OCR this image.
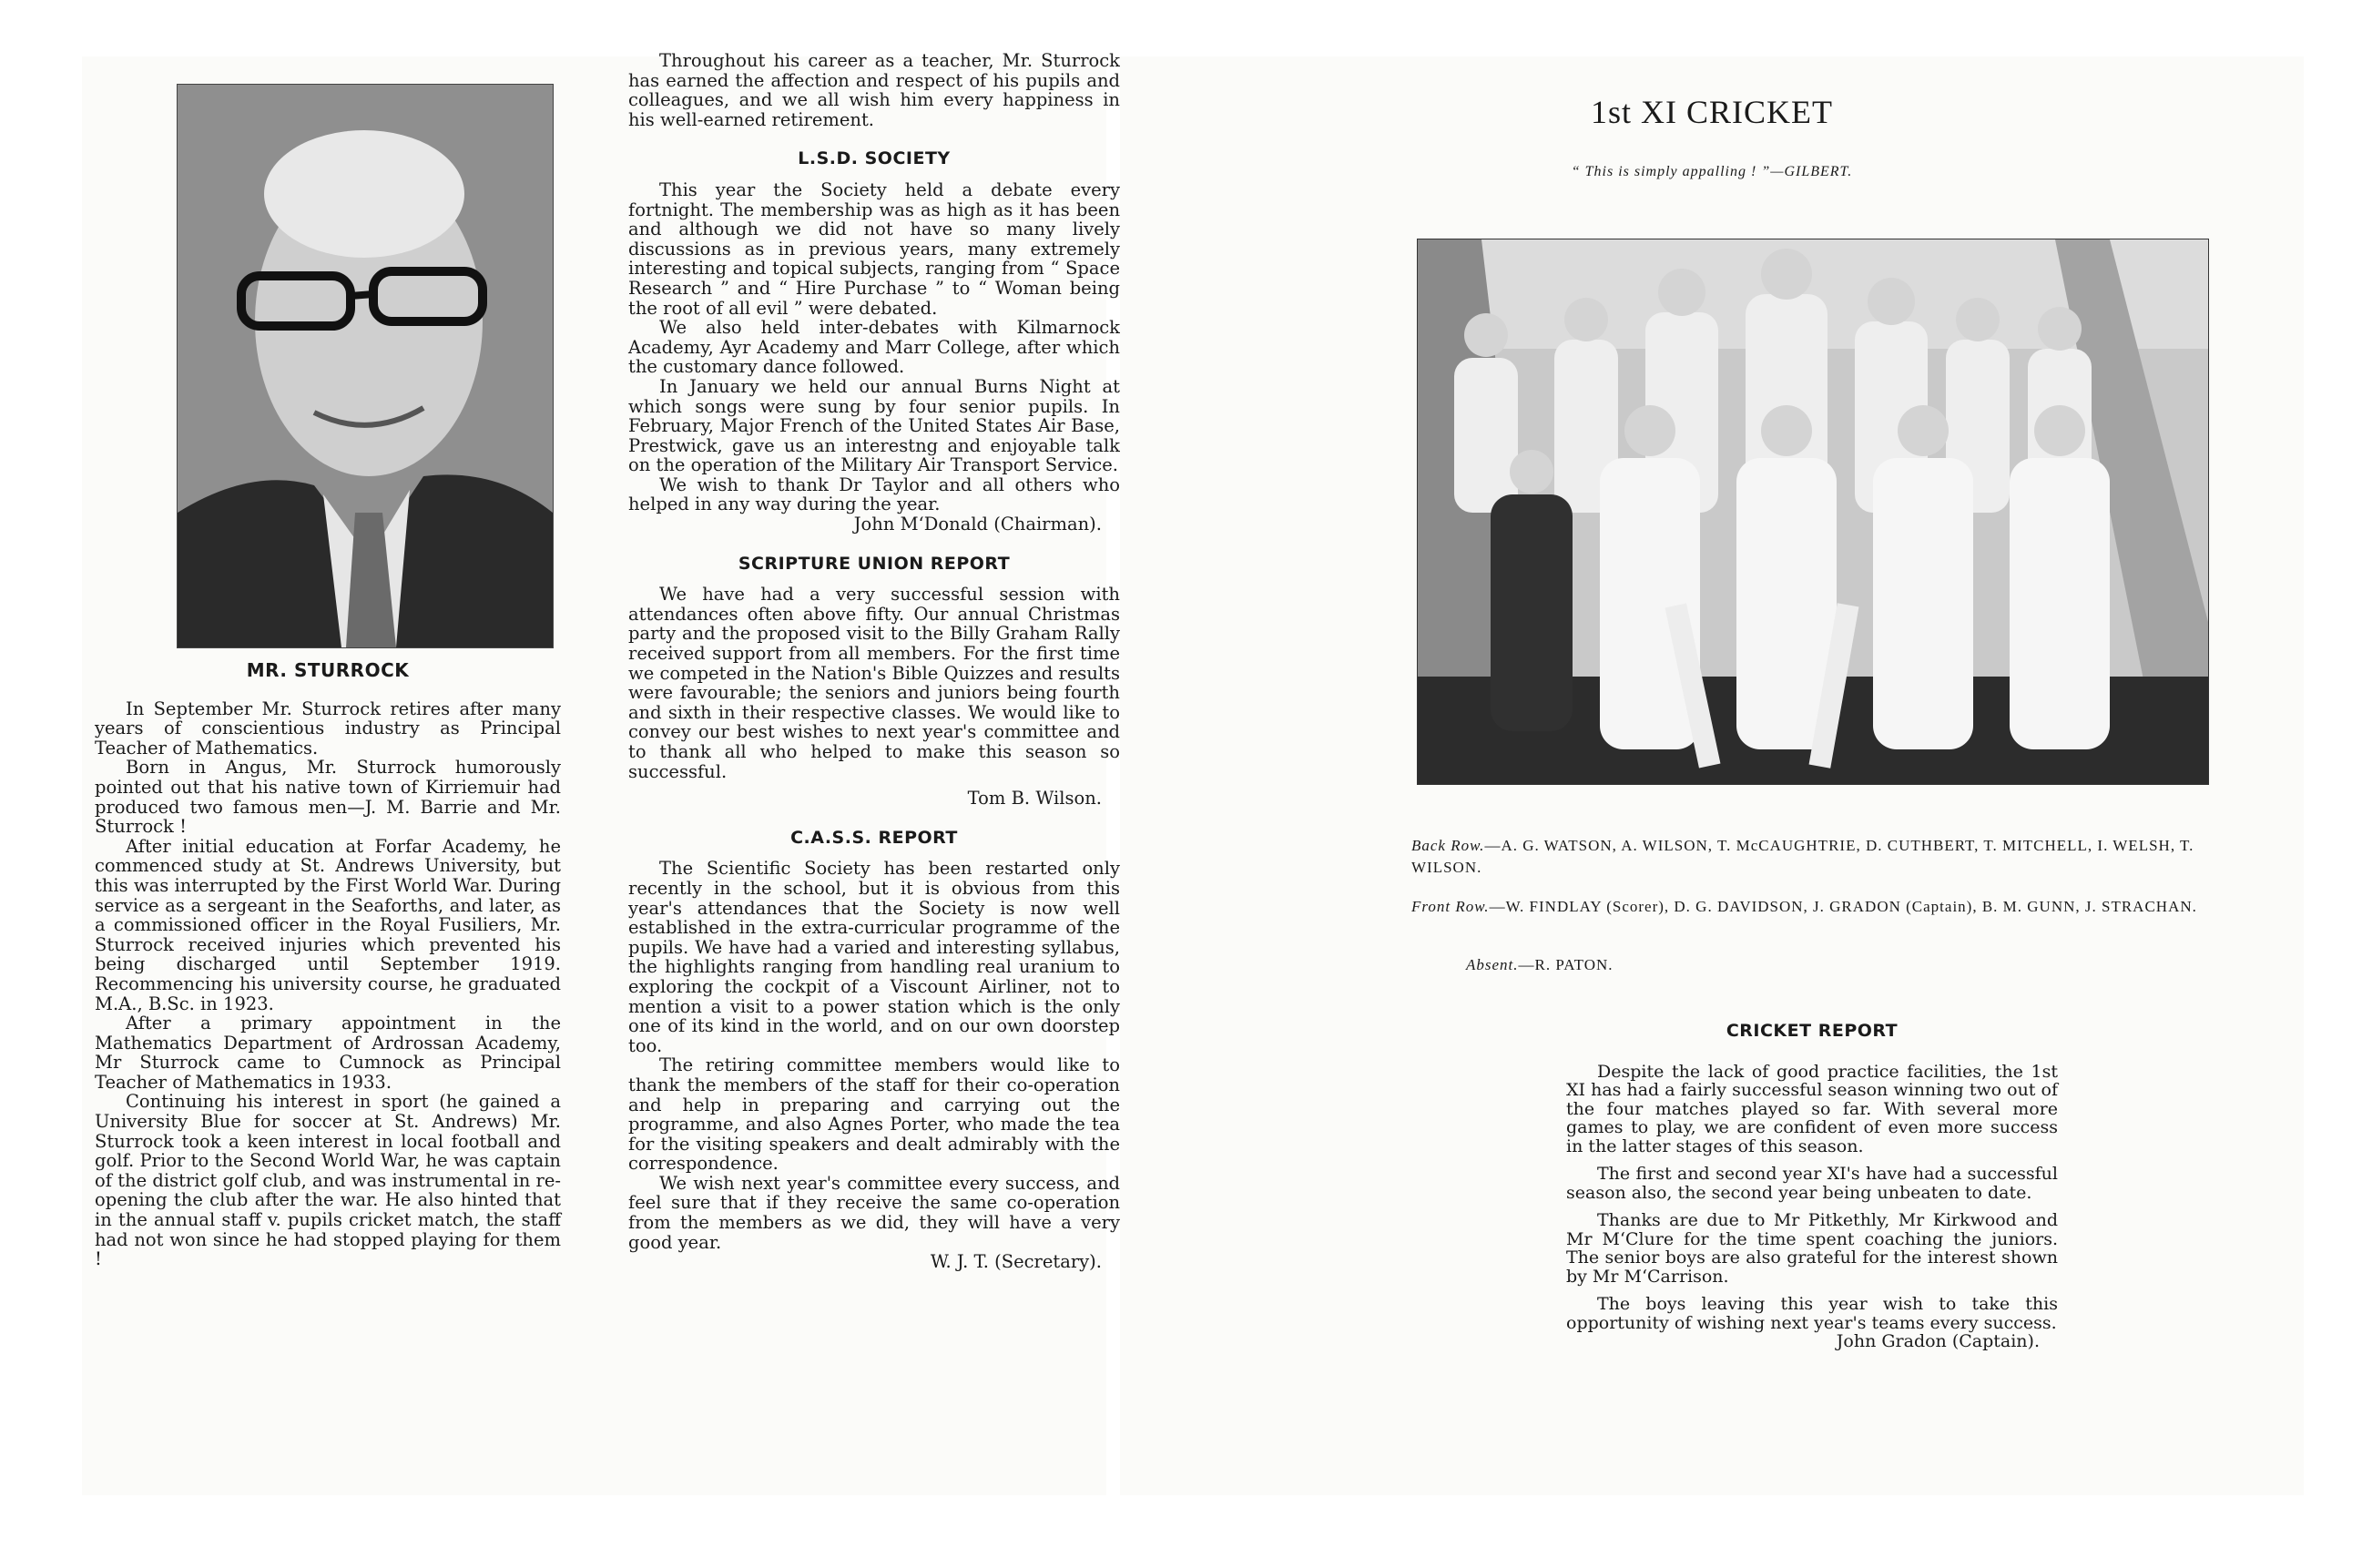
MR. STURROCK

In September Mr. Sturrock retires after many years of conscientious industry as Principal Teacher of Mathematics.

Born in Angus, Mr. Sturrock humorously pointed out that his native town of Kirriemuir had produced two famous men—J. M. Barrie and Mr. Sturrock !

After initial education at Forfar Academy, he commenced study at St. Andrews University, but this was interrupted by the First World War. During service as a sergeant in the Seaforths, and later, as a commissioned officer in the Royal Fusiliers, Mr. Sturrock received injuries which prevented his being discharged until September 1919. Recommencing his university course, he graduated M.A., B.Sc. in 1923.

After a primary appointment in the Mathematics Department of Ardrossan Academy, Mr Sturrock came to Cumnock as Principal Teacher of Mathematics in 1933.

Continuing his interest in sport (he gained a University Blue for soccer at St. Andrews) Mr. Sturrock took a keen interest in local football and golf. Prior to the Second World War, he was captain of the district golf club, and was instrumental in re-opening the club after the war. He also hinted that in the annual staff v. pupils cricket match, the staff had not won since he had stopped playing for them !

Throughout his career as a teacher, Mr. Sturrock has earned the affection and respect of his pupils and colleagues, and we all wish him every happiness in his well-earned retirement.

L.S.D. SOCIETY

This year the Society held a debate every fortnight. The membership was as high as it has been and although we did not have so many lively discussions as in previous years, many extremely interesting and topical subjects, ranging from “ Space Research ” and “ Hire Purchase ” to “ Woman being the root of all evil ” were debated.

We also held inter-debates with Kilmarnock Academy, Ayr Academy and Marr College, after which the customary dance followed.

In January we held our annual Burns Night at which songs were sung by four senior pupils. In February, Major French of the United States Air Base, Prestwick, gave us an interestng and enjoyable talk on the operation of the Military Air Transport Service.

We wish to thank Dr Taylor and all others who helped in any way during the year.

John M‘Donald (Chairman).

SCRIPTURE UNION REPORT

We have had a very successful session with attendances often above fifty. Our annual Christmas party and the proposed visit to the Billy Graham Rally received support from all members. For the first time we competed in the Nation's Bible Quizzes and results were favourable; the seniors and juniors being fourth and sixth in their respective classes. We would like to convey our best wishes to next year's committee and to thank all who helped to make this season so successful.

Tom B. Wilson.

C.A.S.S. REPORT

The Scientific Society has been restarted only recently in the school, but it is obvious from this year's attendances that the Society is now well established in the extra-curricular programme of the pupils. We have had a varied and interesting syllabus, the highlights ranging from handling real uranium to exploring the cockpit of a Viscount Airliner, not to mention a visit to a power station which is the only one of its kind in the world, and on our own doorstep too.

The retiring committee members would like to thank the members of the staff for their co-operation and help in preparing and carrying out the programme, and also Agnes Porter, who made the tea for the visiting speakers and dealt admirably with the correspondence.

We wish next year's committee every success, and feel sure that if they receive the same co-operation from the members as we did, they will have a very good year.

W. J. T. (Secretary).

1st XI CRICKET
“ This is simply appalling ! ”—GILBERT.
Back Row.—A. G. WATSON, A. WILSON, T. McCAUGHTRIE, D. CUTHBERT, T. MITCHELL, I. WELSH, T. WILSON.
Front Row.—W. FINDLAY (Scorer), D. G. DAVIDSON, J. GRADON (Captain), B. M. GUNN, J. STRACHAN.
Absent.—R. PATON.

CRICKET REPORT

Despite the lack of good practice facilities, the 1st XI has had a fairly successful season winning two out of the four matches played so far. With several more games to play, we are confident of even more success in the latter stages of this season.

The first and second year XI's have had a successful season also, the second year being unbeaten to date.

Thanks are due to Mr Pitkethly, Mr Kirkwood and Mr M‘Clure for the time spent coaching the juniors. The senior boys are also grateful for the interest shown by Mr M‘Carrison.

The boys leaving this year wish to take this opportunity of wishing next year's teams every success.

John Gradon (Captain).
